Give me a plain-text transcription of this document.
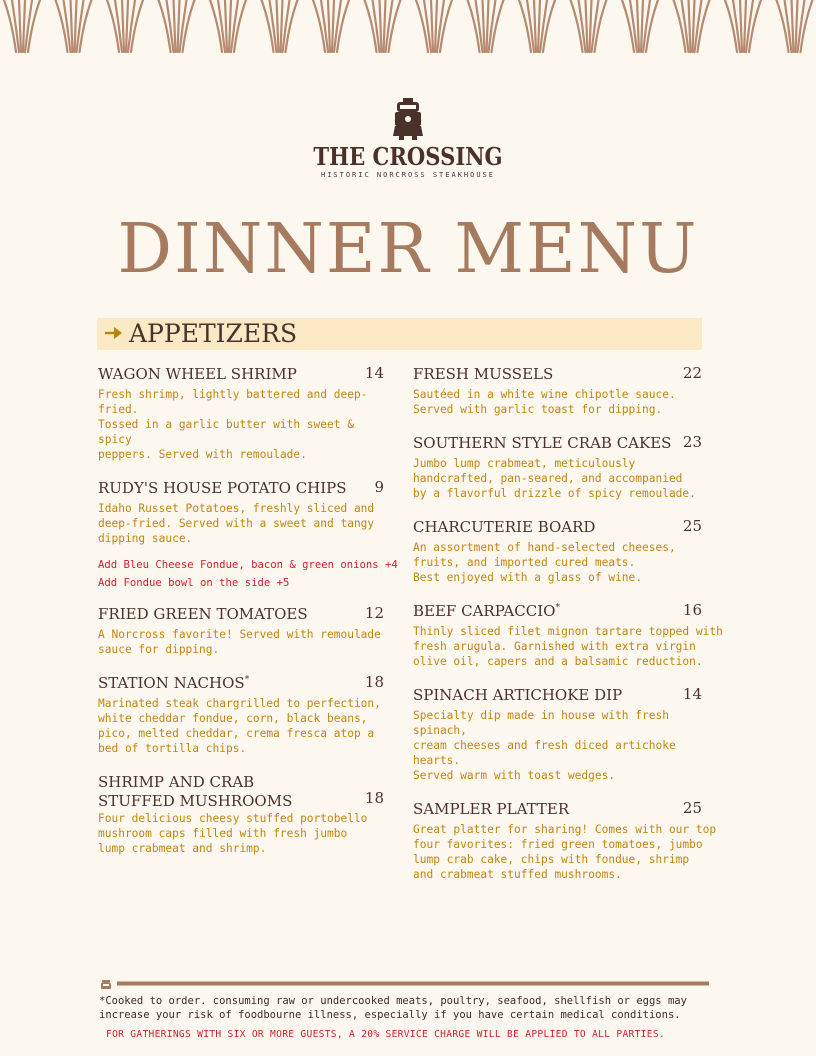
THE CROSSING
HISTORIC NORCROSS STEAKHOUSE
DINNER MENU
APPETIZERS
WAGON WHEEL SHRIMP	14
Fresh shrimp, lightly battered and deep-fried.
Tossed in a garlic butter with sweet & spicy
peppers. Served with remoulade.
RUDY'S HOUSE POTATO CHIPS 9
Idaho Russet Potatoes, freshly sliced and
deep-fried. Served with a sweet and tangy
dipping sauce.
Add Bleu Cheese Fondue, bacon & green onions +4
Add Fondue bowl on the side +5
FRIED GREEN TOMATOES	12
A Norcross favorite! Served with remoulade
sauce for dipping.
STATION NACHOS*	18
Marinated steak chargrilled to perfection,
white cheddar fondue, corn, black beans,
pico, melted cheddar, crema fresca atop a
bed of tortilla chips.
SHRIMP AND CRAB
STUFFED MUSHROOMS	18
Four delicious cheesy stuffed portobello
mushroom caps filled with fresh jumbo
lump crabmeat and shrimp.
FRESH MUSSELS	22
Sautéed in a white wine chipotle sauce.
Served with garlic toast for dipping.
SOUTHERN STYLE CRAB CAKES 23
Jumbo lump crabmeat, meticulously
handcrafted, pan-seared, and accompanied
by a flavorful drizzle of spicy remoulade.
CHARCUTERIE BOARD	25
An assortment of hand-selected cheeses,
fruits, and imported cured meats.
Best enjoyed with a glass of wine.
BEEF CARPACCIO*	16
Thinly sliced filet mignon tartare topped with
fresh arugula. Garnished with extra virgin
olive oil, capers and a balsamic reduction.
SPINACH ARTICHOKE DIP	14
Specialty dip made in house with fresh spinach,
cream cheeses and fresh diced artichoke hearts.
Served warm with toast wedges.
SAMPLER PLATTER	25
Great platter for sharing! Comes with our top
four favorites: fried green tomatoes, jumbo
lump crab cake, chips with fondue, shrimp
and crabmeat stuffed mushrooms.
*Cooked to order. consuming raw or undercooked meats, poultry, seafood, shellfish or eggs may
increase your risk of foodbourne illness, especially if you have certain medical conditions.
FOR GATHERINGS WITH SIX OR MORE GUESTS, A 20% SERVICE CHARGE WILL BE APPLIED TO ALL PARTIES.
